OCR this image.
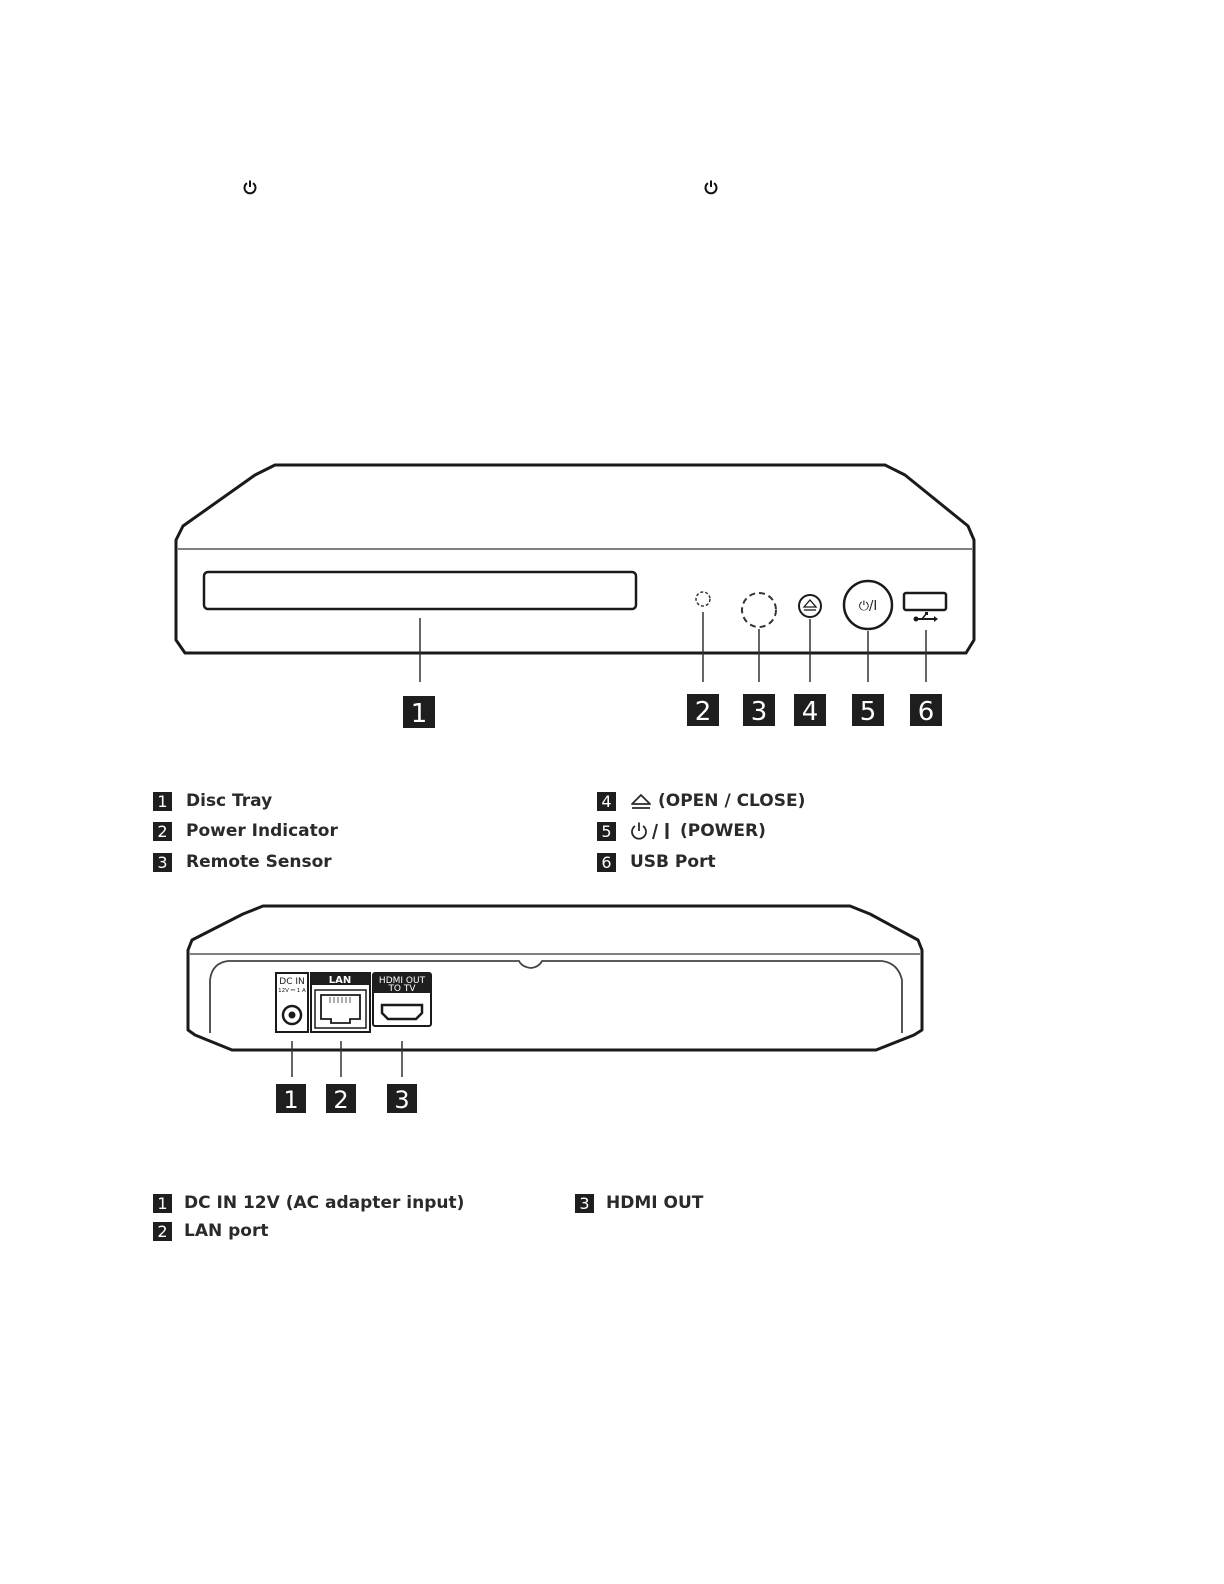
⏻/I
1	2 3 4 5 6
1 Disc Tray
2 Power Indicator
3 Remote Sensor
4	(OPEN / CLOSE)
5	(POWER)
6 USB Port
DC IN
12V ⎓ 1 A
LAN	HDMI OUT
TO TV
1 2 3
1 DC IN 12V (AC adapter input)
2 LAN port
3 HDMI OUT
